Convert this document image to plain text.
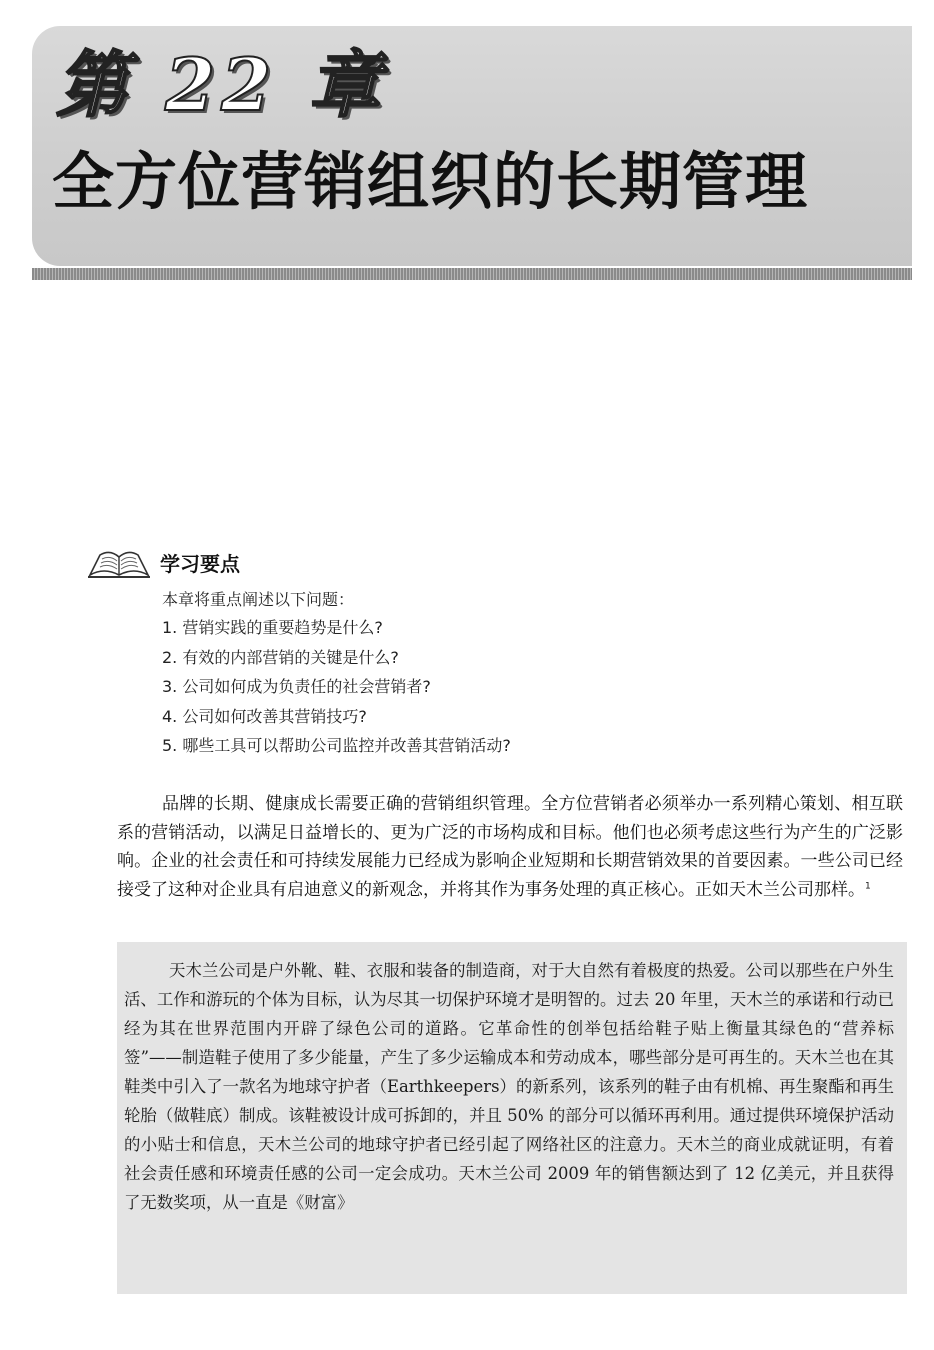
第 22 章
全方位营销组织的长期管理
学习要点
本章将重点阐述以下问题：
1. 营销实践的重要趋势是什么?
2. 有效的内部营销的关键是什么?
3. 公司如何成为负责任的社会营销者?
4. 公司如何改善其营销技巧?
5. 哪些工具可以帮助公司监控并改善其营销活动?

品牌的长期、健康成长需要正确的营销组织管理。全方位营销者必须举办一系列精心策划、相互联系的营销活动，以满足日益增长的、更为广泛的市场构成和目标。他们也必须考虑这些行为产生的广泛影响。企业的社会责任和可持续发展能力已经成为影响企业短期和长期营销效果的首要因素。一些公司已经接受了这种对企业具有启迪意义的新观念，并将其作为事务处理的真正核心。正如天木兰公司那样。$^1$

天木兰公司是户外靴、鞋、衣服和装备的制造商，对于大自然有着极度的热爱。公司以那些在户外生活、工作和游玩的个体为目标，认为尽其一切保护环境才是明智的。过去 20 年里，天木兰的承诺和行动已经为其在世界范围内开辟了绿色公司的道路。它革命性的创举包括给鞋子贴上衡量其绿色的“营养标签”——制造鞋子使用了多少能量，产生了多少运输成本和劳动成本，哪些部分是可再生的。天木兰也在其鞋类中引入了一款名为地球守护者（Earthkeepers）的新系列，该系列的鞋子由有机棉、再生聚酯和再生轮胎（做鞋底）制成。该鞋被设计成可拆卸的，并且 50% 的部分可以循环再利用。通过提供环境保护活动的小贴士和信息，天木兰公司的地球守护者已经引起了网络社区的注意力。天木兰的商业成就证明，有着社会责任感和环境责任感的公司一定会成功。天木兰公司 2009 年的销售额达到了 12 亿美元，并且获得了无数奖项，从一直是《财富》
